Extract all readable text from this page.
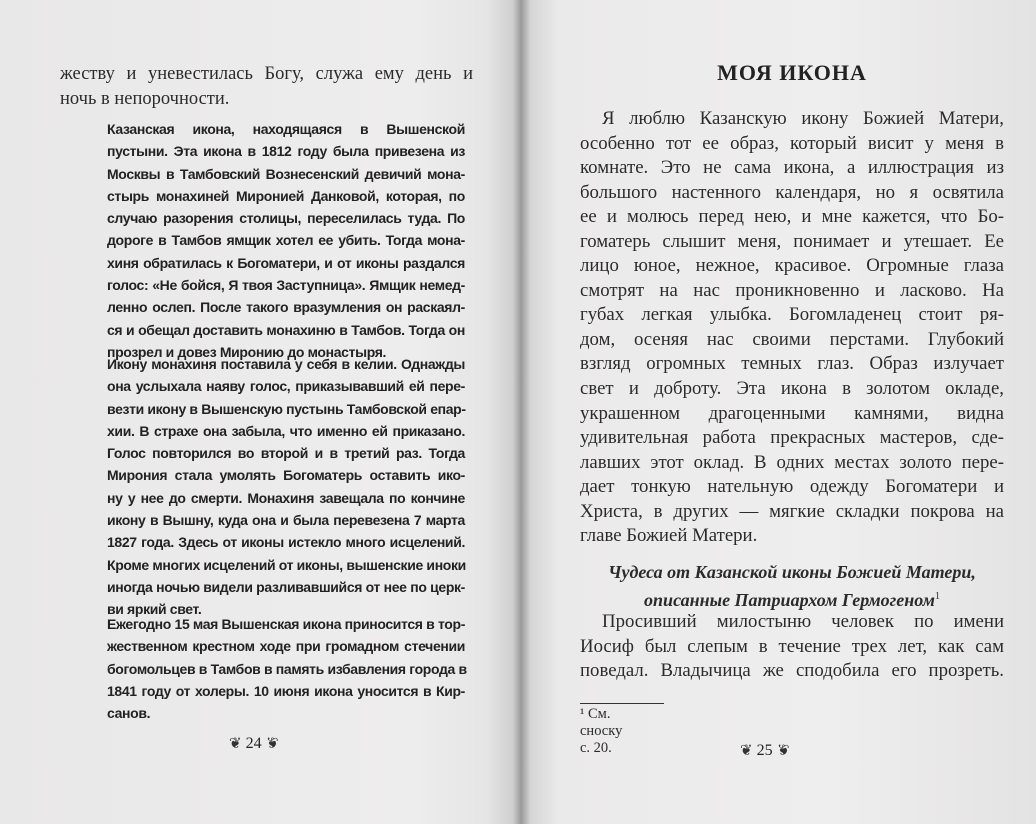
жеству и уневестилась Богу, служа ему день и
ночь в непорочности.
Казанская икона, находящаяся в Вышенской
пустыни. Эта икона в 1812 году была привезена из
Москвы в Тамбовский Вознесенский девичий мона-
стырь монахиней Миронией Данковой, которая, по
случаю разорения столицы, переселилась туда. По
дороге в Тамбов ямщик хотел ее убить. Тогда мона-
хиня обратилась к Богоматери, и от иконы раздался
голос: «Не бойся, Я твоя Заступница». Ямщик немед-
ленно ослеп. После такого вразумления он раскаял-
ся и обещал доставить монахиню в Тамбов. Тогда он
прозрел и довез Миронию до монастыря.
Икону монахиня поставила у себя в келии. Однажды
она услыхала наяву голос, приказывавший ей пере-
везти икону в Вышенскую пустынь Тамбовской епар-
хии. В страхе она забыла, что именно ей приказано.
Голос повторился во второй и в третий раз. Тогда
Мирония стала умолять Богоматерь оставить ико-
ну у нее до смерти. Монахиня завещала по кончине
икону в Вышну, куда она и была перевезена 7 марта
1827 года. Здесь от иконы истекло много исцелений.
Кроме многих исцелений от иконы, вышенские иноки
иногда ночью видели разливавшийся от нее по церк-
ви яркий свет.
Ежегодно 15 мая Вышенская икона приносится в тор-
жественном крестном ходе при громадном стечении
богомольцев в Тамбов в память избавления города в
1841 году от холеры. 10 июня икона уносится в Кир-
санов.
❦ 24 ❦
МОЯ ИКОНА
Я люблю Казанскую икону Божией Матери,
особенно тот ее образ, который висит у меня в
комнате. Это не сама икона, а иллюстрация из
большого настенного календаря, но я освятила
ее и молюсь перед нею, и мне кажется, что Бо-
гоматерь слышит меня, понимает и утешает. Ее
лицо юное, нежное, красивое. Огромные глаза
смотрят на нас проникновенно и ласково. На
губах легкая улыбка. Богомладенец стоит ря-
дом, осеняя нас своими перстами. Глубокий
взгляд огромных темных глаз. Образ излучает
свет и доброту. Эта икона в золотом окладе,
украшенном драгоценными камнями, видна
удивительная работа прекрасных мастеров, сде-
лавших этот оклад. В одних местах золото пере-
дает тонкую нательную одежду Богоматери и
Христа, в других — мягкие складки покрова на
главе Божией Матери.
Чудеса от Казанской иконы Божией Матери,
описанные Патриархом Гермогеном$^1$
Просивший милостыню человек по имени
Иосиф был слепым в течение трех лет, как сам
поведал. Владычица же сподобила его прозреть.
¹ См. сноску с. 20.	❦ 25 ❦
